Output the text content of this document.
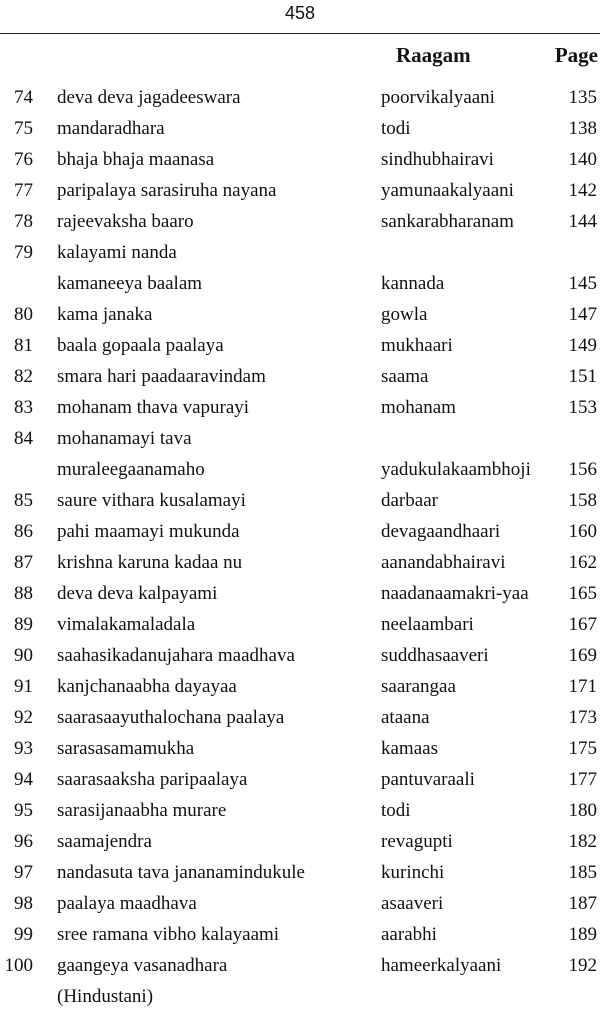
458
Raagam	Page
74 deva deva jagadeeswara	poorvikalyaani	135
75 mandaradhara	todi	138
76 bhaja bhaja maanasa	sindhubhairavi	140
77 paripalaya sarasiruha nayana	yamunaakalyaani	142
78 rajeevaksha baaro	sankarabharanam	144
79 kalayami nanda
kamaneeya baalam	kannada	145
80 kama janaka	gowla	147
81 baala gopaala paalaya	mukhaari	149
82 smara hari paadaaravindam	saama	151
83 mohanam thava vapurayi	mohanam	153
84 mohanamayi tava
muraleegaanamaho	yadukulakaambhoji	156
85 saure vithara kusalamayi	darbaar	158
86 pahi maamayi mukunda	devagaandhaari	160
87 krishna karuna kadaa nu	aanandabhairavi	162
88 deva deva kalpayami	naadanaamakri-yaa	165
89 vimalakamaladala	neelaambari	167
90 saahasikadanujahara maadhava	suddhasaaveri	169
91 kanjchanaabha dayayaa	saarangaa	171
92 saarasaayuthalochana paalaya	ataana	173
93 sarasasamamukha	kamaas	175
94 saarasaaksha paripaalaya	pantuvaraali	177
95 sarasijanaabha murare	todi	180
96 saamajendra	revagupti	182
97 nandasuta tava jananamindukule	kurinchi	185
98 paalaya maadhava	asaaveri	187
99 sree ramana vibho kalayaami	aarabhi	189
100 gaangeya vasanadhara	hameerkalyaani	192
(Hindustani)
